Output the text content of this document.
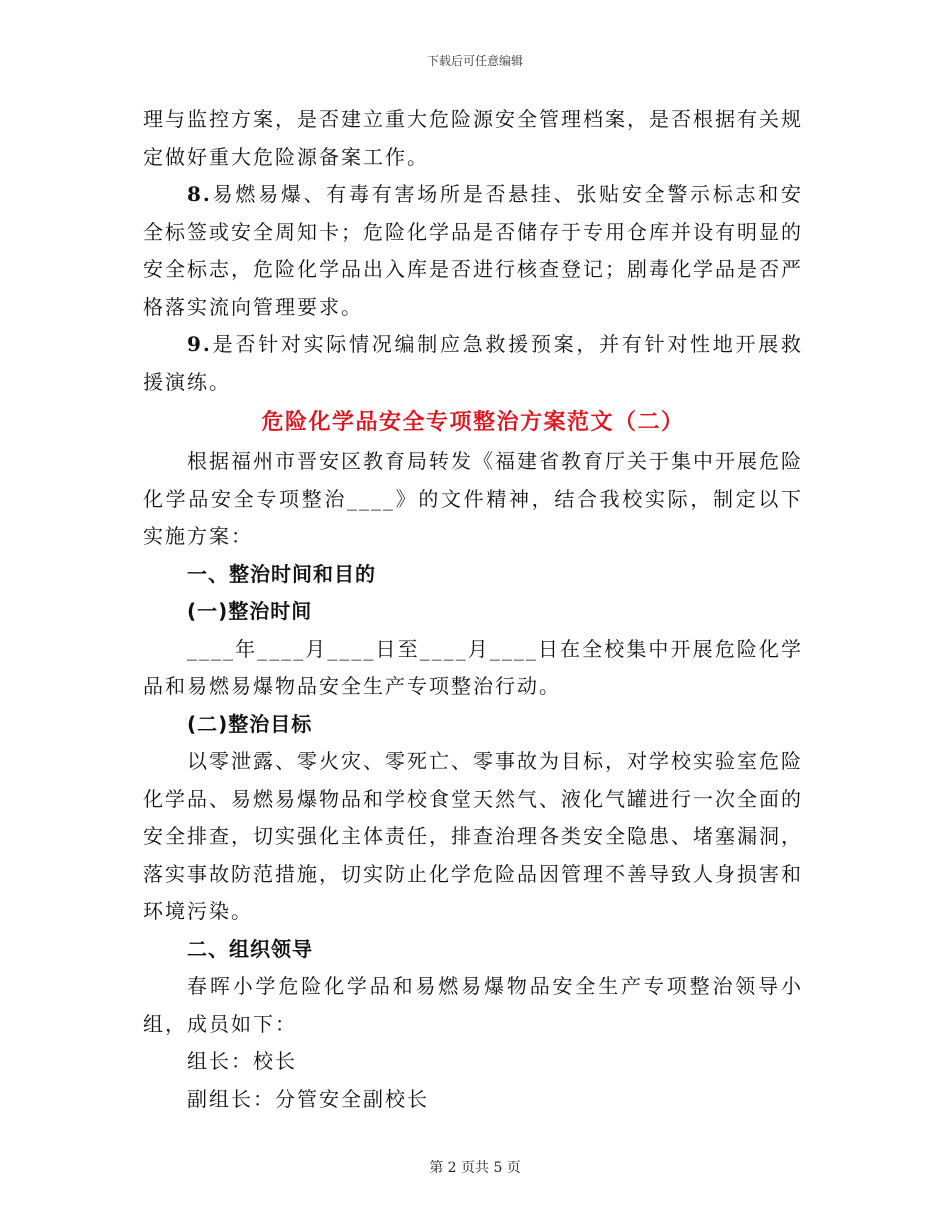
下载后可任意编辑

理与监控方案，是否建立重大危险源安全管理档案，是否根据有关规定做好重大危险源备案工作。

8.易燃易爆、有毒有害场所是否悬挂、张贴安全警示标志和安全标签或安全周知卡；危险化学品是否储存于专用仓库并设有明显的安全标志，危险化学品出入库是否进行核查登记；剧毒化学品是否严格落实流向管理要求。

9.是否针对实际情况编制应急救援预案，并有针对性地开展救援演练。

危险化学品安全专项整治方案范文（二）

根据福州市晋安区教育局转发《福建省教育厅关于集中开展危险化学品安全专项整治____》的文件精神，结合我校实际，制定以下实施方案：

一、整治时间和目的
(一)整治时间

____年____月____日至____月____日在全校集中开展危险化学品和易燃易爆物品安全生产专项整治行动。

(二)整治目标

以零泄露、零火灾、零死亡、零事故为目标，对学校实验室危险化学品、易燃易爆物品和学校食堂天然气、液化气罐进行一次全面的安全排查，切实强化主体责任，排查治理各类安全隐患、堵塞漏洞，落实事故防范措施，切实防止化学危险品因管理不善导致人身损害和环境污染。

二、组织领导

春晖小学危险化学品和易燃易爆物品安全生产专项整治领导小组，成员如下：

组长：校长

副组长：分管安全副校长

第 2 页共 5 页
